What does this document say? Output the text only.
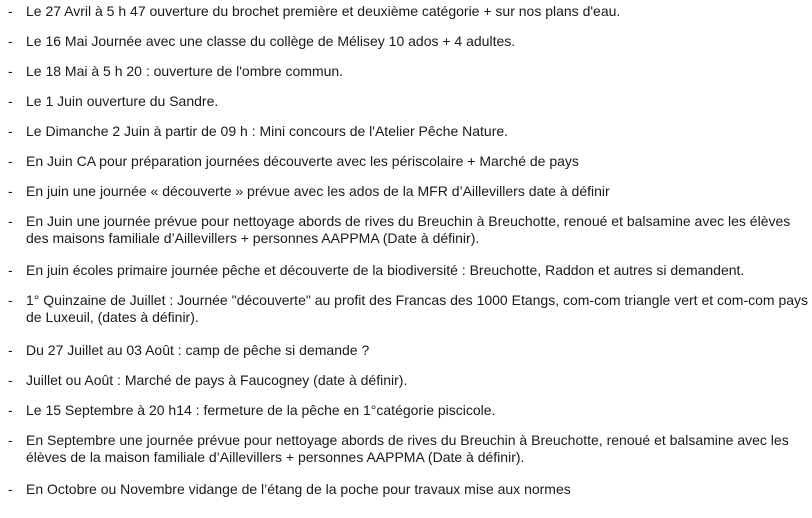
- Le 27 Avril à 5 h 47 ouverture du brochet première et deuxième catégorie + sur nos plans d'eau.
- Le 16 Mai Journée avec une classe du collège de Mélisey 10 ados + 4 adultes.
- Le 18 Mai à 5 h 20 : ouverture de l'ombre commun.
- Le 1 Juin ouverture du Sandre.
- Le Dimanche 2 Juin à partir de 09 h : Mini concours de l'Atelier Pêche Nature.
- En Juin CA pour préparation journées découverte avec les périscolaire + Marché de pays
- En juin une journée « découverte » prévue avec les ados de la MFR d’Aillevillers date à définir
- En Juin une journée prévue pour nettoyage abords de rives du Breuchin à Breuchotte, renoué et balsamine avec les élèves des maisons familiale d’Aillevillers + personnes AAPPMA (Date à définir).
- En juin écoles primaire journée pêche et découverte de la biodiversité : Breuchotte, Raddon et autres si demandent.
- 1° Quinzaine de Juillet : Journée "découverte" au profit des Francas des 1000 Etangs, com-com triangle vert et com-com pays de Luxeuil, (dates à définir).
- Du 27 Juillet au 03 Août : camp de pêche si demande ?
- Juillet ou Août : Marché de pays à Faucogney (date à définir).
- Le 15 Septembre à 20 h14 : fermeture de la pêche en 1°catégorie piscicole.
- En Septembre une journée prévue pour nettoyage abords de rives du Breuchin à Breuchotte, renoué et balsamine avec les élèves de la maison familiale d’Aillevillers + personnes AAPPMA (Date à définir).
- En Octobre ou Novembre vidange de l’étang de la poche pour travaux mise aux normes
